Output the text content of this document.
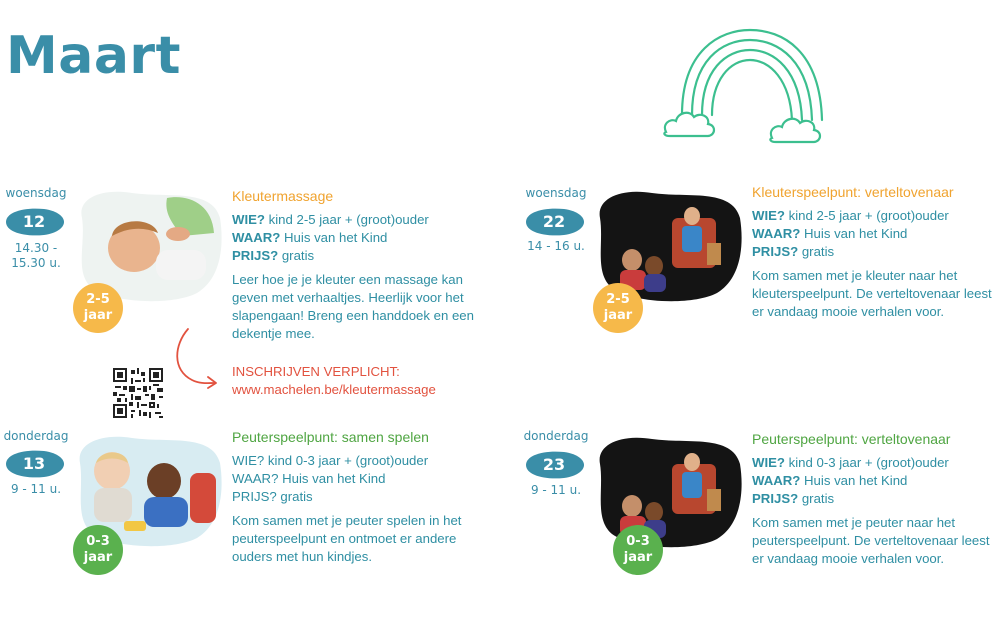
Maart
woensdag
12
14.30 -
15.30 u.
2-5
jaar
Kleutermassage
WIE? kind 2-5 jaar + (groot)ouder
WAAR? Huis van het Kind
PRIJS? gratis
Leer hoe je je kleuter een massage kan geven met verhaaltjes. Heerlijk voor het slapengaan! Breng een handdoek en een dekentje mee.
INSCHRIJVEN VERPLICHT:
www.machelen.be/kleutermassage
woensdag
22
14 - 16 u.
2-5
jaar
Kleuterspeelpunt: verteltovenaar
WIE? kind 2-5 jaar + (groot)ouder
WAAR? Huis van het Kind
PRIJS? gratis
Kom samen met je kleuter naar het kleuterspeelpunt. De verteltovenaar leest er vandaag mooie verhalen voor.
donderdag
13
9 - 11 u.
0-3
jaar
Peuterspeelpunt: samen spelen
WIE? kind 0-3 jaar + (groot)ouder
WAAR? Huis van het Kind
PRIJS? gratis
Kom samen met je peuter spelen in het peuterspeelpunt en ontmoet er andere ouders met hun kindjes.
donderdag
23
9 - 11 u.
0-3
jaar
Peuterspeelpunt: verteltovenaar
WIE? kind 0-3 jaar + (groot)ouder
WAAR? Huis van het Kind
PRIJS? gratis
Kom samen met je peuter naar het peuterspeelpunt. De verteltovenaar leest er vandaag mooie verhalen voor.
